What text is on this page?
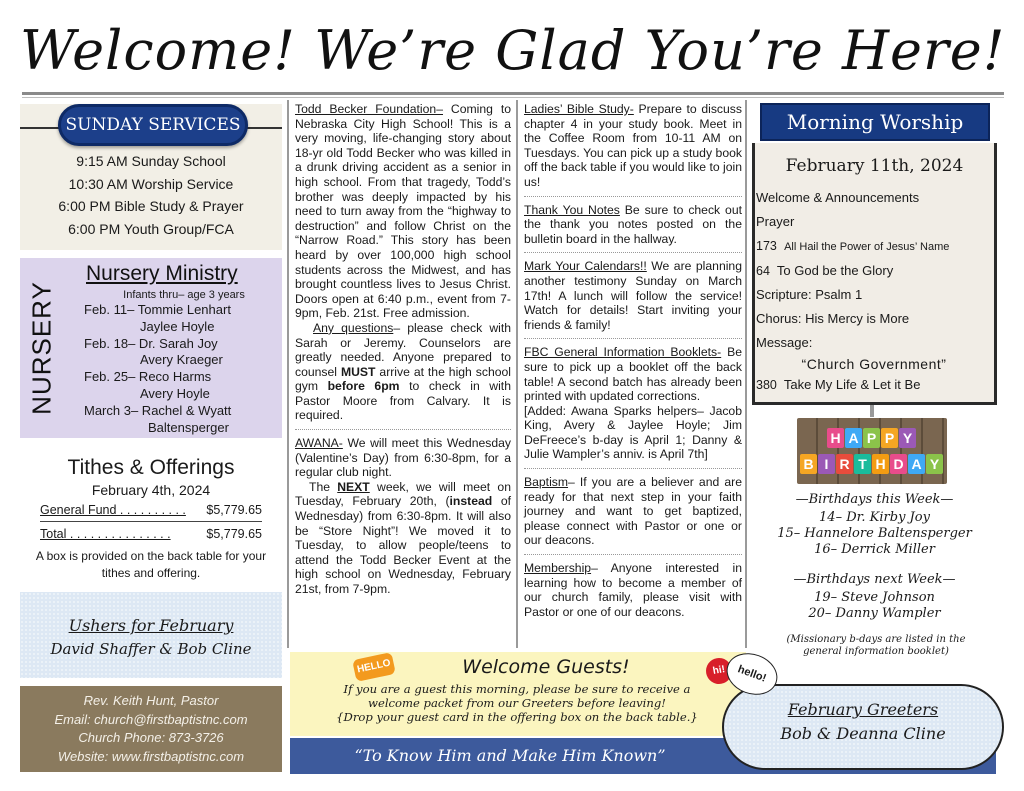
Welcome! We’re Glad You’re Here!
SUNDAY SERVICES
9:15 AM Sunday School
10:30 AM Worship Service
6:00 PM Bible Study & Prayer
6:00 PM Youth Group/FCA
NURSERY
Nursery Ministry
Infants thru– age 3 years
Feb. 11– Tommie Lenhart
Jaylee Hoyle
Feb. 18– Dr. Sarah Joy
Avery Kraeger
Feb. 25– Reco Harms
Avery Hoyle
March 3– Rachel & Wyatt
Baltensperger
Tithes & Offerings
February 4th, 2024
General Fund . . . . . . . . . . $5,779.65
Total . . . . . . . . . . . . . . .	$5,779.65
A box is provided on the back table for your tithes and offering.
Ushers for February
David Shaffer & Bob Cline
Rev. Keith Hunt, Pastor
Email: church@firstbaptistnc.com
Church Phone: 873-3726
Website: www.firstbaptistnc.com

Todd Becker Foundation– Coming to Nebraska City High School! This is a very moving, life-changing story about 18-yr old Todd Becker who was killed in a drunk driving accident as a senior in high school. From that tragedy, Todd’s brother was deeply impacted by his need to turn away from the “highway to destruction” and follow Christ on the “Narrow Road.” This story has been heard by over 100,000 high school students across the Midwest, and has brought countless lives to Jesus Christ. Doors open at 6:40 p.m., event from 7-9pm, Feb. 21st. Free admission.

Any questions– please check with Sarah or Jeremy. Counselors are greatly needed. Anyone prepared to counsel MUST arrive at the high school gym before 6pm to check in with Pastor Moore from Calvary. It is required.

AWANA- We will meet this Wednesday (Valentine’s Day) from 6:30-8pm, for a regular club night.

The NEXT week, we will meet on Tuesday, February 20th, (instead of Wednesday) from 6:30-8pm. It will also be “Store Night”! We moved it to Tuesday, to allow people/teens to attend the Todd Becker Event at the high school on Wednesday, February 21st, from 7-9pm.

Ladies’ Bible Study- Prepare to discuss chapter 4 in your study book. Meet in the Coffee Room from 10-11 AM on Tuesdays. You can pick up a study book off the back table if you would like to join us!

Thank You Notes Be sure to check out the thank you notes posted on the bulletin board in the hallway.

Mark Your Calendars!! We are planning another testimony Sunday on March 17th! A lunch will follow the service! Watch for details! Start inviting your friends & family!

FBC General Information Booklets- Be sure to pick up a booklet off the back table! A second batch has already been printed with updated corrections.

[Added: Awana Sparks helpers– Jacob King, Avery & Jaylee Hoyle; Jim DeFreece’s b-day is April 1; Danny & Julie Wampler’s anniv. is April 7th]

Baptism– If you are a believer and are ready for that next step in your faith journey and want to get baptized, please connect with Pastor or one or our deacons.

Membership– Anyone interested in learning how to become a member of our church family, please visit with Pastor or one of our deacons.

HELLO	Welcome Guests!
If you are a guest this morning, please be sure to receive a
welcome packet from our Greeters before leaving!
{Drop your guest card in the offering box on the back table.}
“To Know Him and Make Him Known”
Morning Worship
February 11th, 2024
Welcome & Announcements
Prayer
173 All Hail the Power of Jesus’ Name
64 To God be the Glory
Scripture: Psalm 1
Chorus: His Mercy is More
Message:
“Church Government”
380 Take My Life & Let it Be
H A P P Y
B I R T H D A Y
—Birthdays this Week—
14– Dr. Kirby Joy
15– Hannelore Baltensperger
16– Derrick Miller
—Birthdays next Week—
19– Steve Johnson
20– Danny Wampler
(Missionary b-days are listed in the general information booklet)
hi! hello!
February Greeters
Bob & Deanna Cline
